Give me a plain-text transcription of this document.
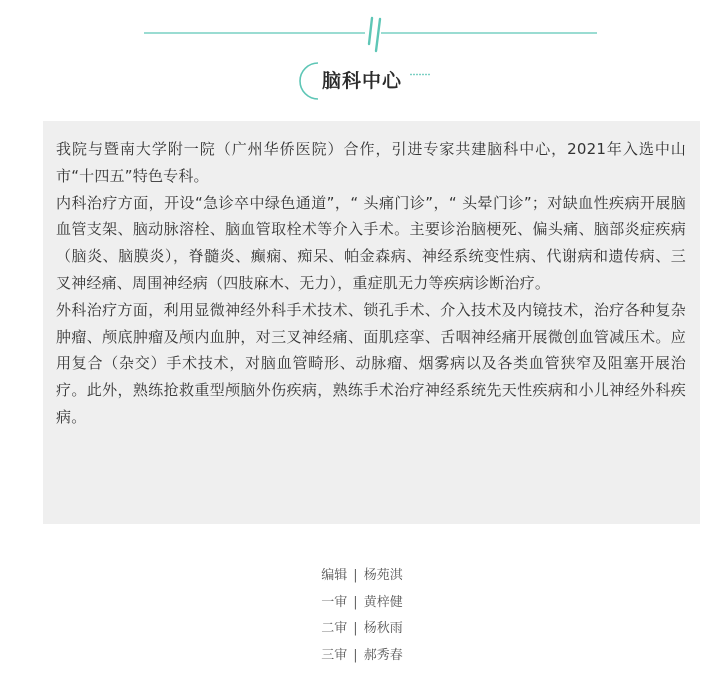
脑科中心

我院与暨南大学附一院（广州华侨医院）合作，引进专家共建脑科中心，2021年入选中山市“十四五”特色专科。

内科治疗方面，开设“急诊卒中绿色通道”，“ 头痛门诊”，“ 头晕门诊”；对缺血性疾病开展脑血管支架、脑动脉溶栓、脑血管取栓术等介入手术。主要诊治脑梗死、偏头痛、脑部炎症疾病（脑炎、脑膜炎），脊髓炎、癫痫、痴呆、帕金森病、神经系统变性病、代谢病和遗传病、三叉神经痛、周围神经病（四肢麻木、无力），重症肌无力等疾病诊断治疗。

外科治疗方面，利用显微神经外科手术技术、锁孔手术、介入技术及内镜技术，治疗各种复杂肿瘤、颅底肿瘤及颅内血肿，对三叉神经痛、面肌痉挛、舌咽神经痛开展微创血管减压术。应用复合（杂交）手术技术，对脑血管畸形、动脉瘤、烟雾病以及各类血管狭窄及阻塞开展治疗。此外，熟练抢救重型颅脑外伤疾病，熟练手术治疗神经系统先天性疾病和小儿神经外科疾病。

编辑 | 杨苑淇
一审 | 黄梓健
二审 | 杨秋雨
三审 | 郝秀春
